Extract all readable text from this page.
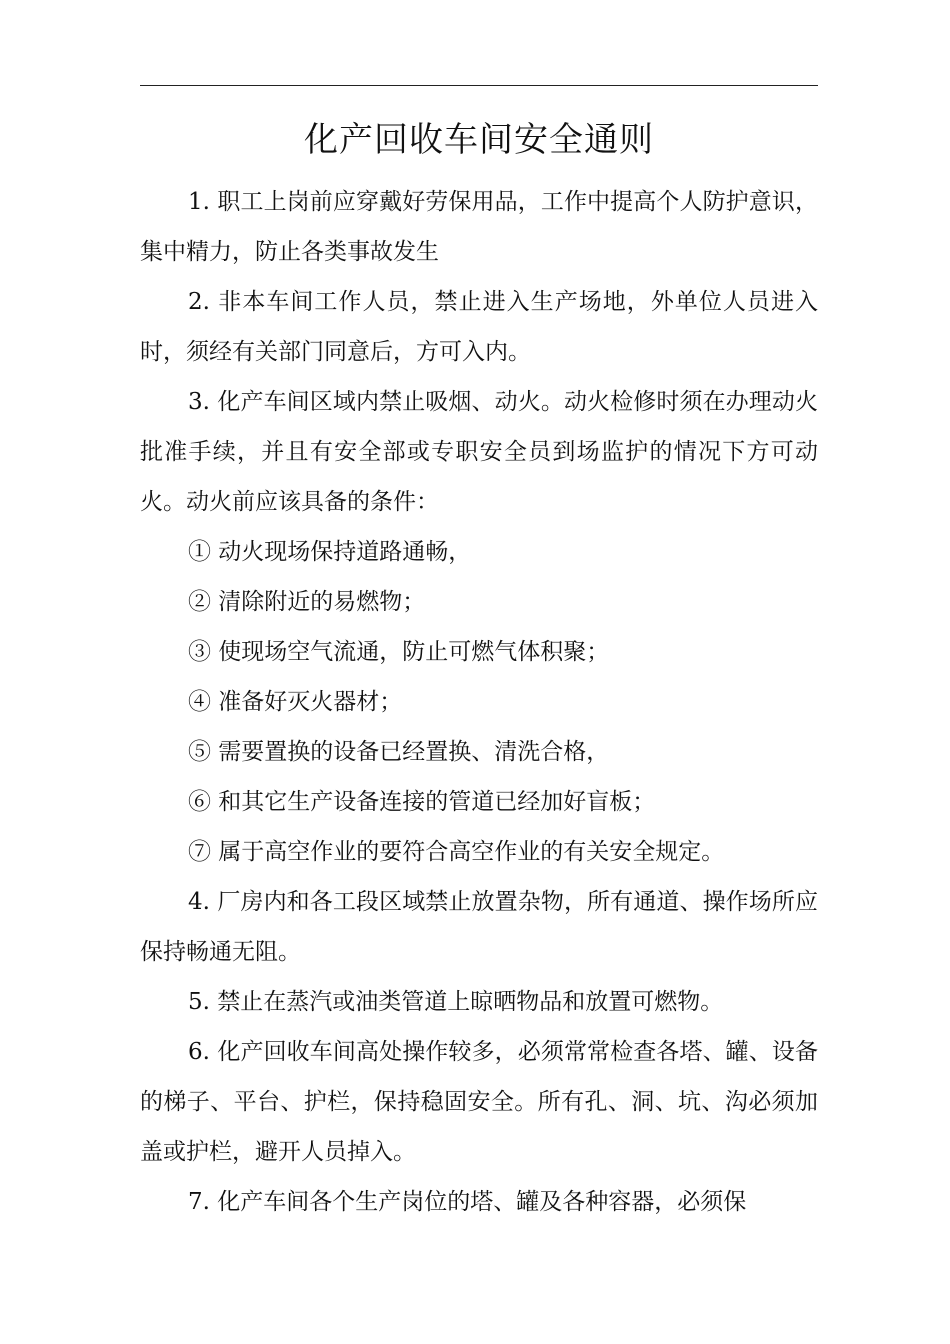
化产回收车间安全通则

1. 职工上岗前应穿戴好劳保用品，工作中提高个人防护意识，集中精力，防止各类事故发生

2. 非本车间工作人员，禁止进入生产场地，外单位人员进入时，须经有关部门同意后，方可入内。

3. 化产车间区域内禁止吸烟、动火。动火检修时须在办理动火批准手续，并且有安全部或专职安全员到场监护的情况下方可动火。动火前应该具备的条件：

① 动火现场保持道路通畅，

② 清除附近的易燃物；

③ 使现场空气流通，防止可燃气体积聚；

④ 准备好灭火器材；

⑤ 需要置换的设备已经置换、清洗合格，

⑥ 和其它生产设备连接的管道已经加好盲板；

⑦ 属于高空作业的要符合高空作业的有关安全规定。

4. 厂房内和各工段区域禁止放置杂物，所有通道、操作场所应保持畅通无阻。

5. 禁止在蒸汽或油类管道上晾晒物品和放置可燃物。

6. 化产回收车间高处操作较多，必须常常检查各塔、罐、设备的梯子、平台、护栏，保持稳固安全。所有孔、洞、坑、沟必须加盖或护栏，避开人员掉入。

7. 化产车间各个生产岗位的塔、罐及各种容器，必须保
